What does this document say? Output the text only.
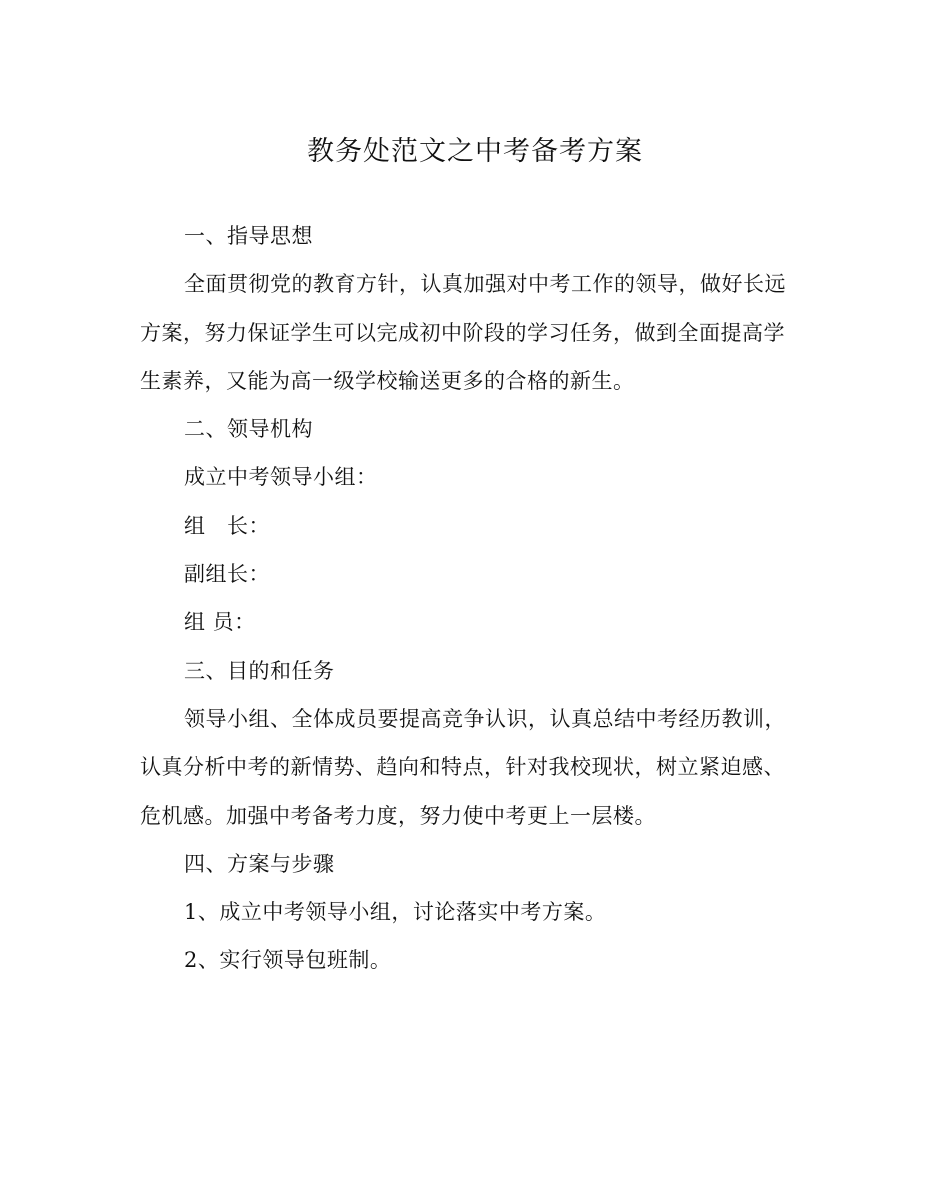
教务处范文之中考备考方案

一、指导思想

全面贯彻党的教育方针，认真加强对中考工作的领导，做好长远方案，努力保证学生可以完成初中阶段的学习任务，做到全面提高学生素养，又能为高一级学校输送更多的合格的新生。

二、领导机构

成立中考领导小组：

组　长：

副组长：

组 员：

三、目的和任务

领导小组、全体成员要提高竞争认识，认真总结中考经历教训，认真分析中考的新情势、趋向和特点，针对我校现状，树立紧迫感、危机感。加强中考备考力度，努力使中考更上一层楼。

四、方案与步骤

1、成立中考领导小组，讨论落实中考方案。

2、实行领导包班制。
